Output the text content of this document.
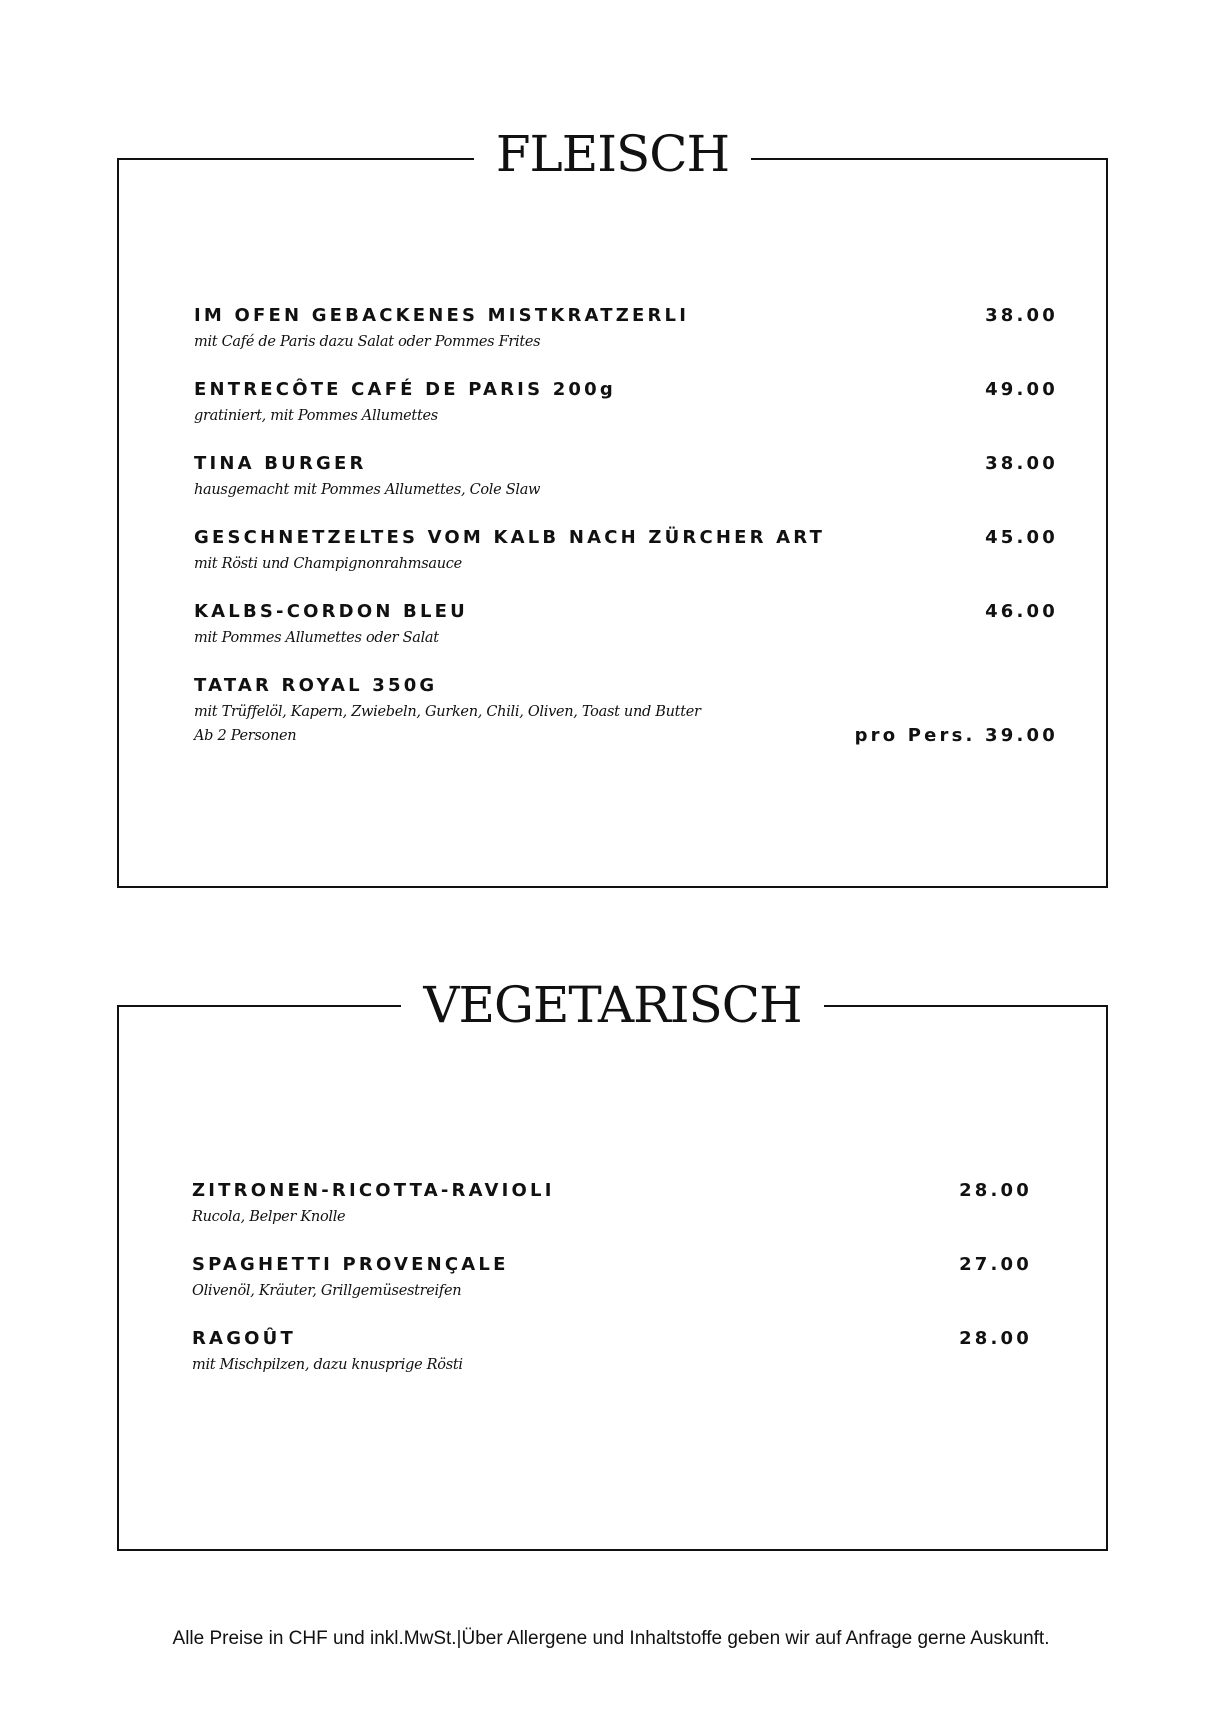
FLEISCH
IM OFEN GEBACKENES MISTKRATZERLI
mit Café de Paris dazu Salat oder Pommes Frites
38.00
ENTRECÔTE CAFÉ DE PARIS 200g
gratiniert, mit Pommes Allumettes
49.00
TINA BURGER
hausgemacht mit Pommes Allumettes, Cole Slaw
38.00
GESCHNETZELTES VOM KALB NACH ZÜRCHER ART
mit Rösti und Champignonrahmsauce
45.00
KALBS-CORDON BLEU
mit Pommes Allumettes oder Salat
46.00
TATAR ROYAL 350G
mit Trüffelöl, Kapern, Zwiebeln, Gurken, Chili, Oliven, Toast und Butter
Ab 2 Personen	pro Pers. 39.00
VEGETARISCH
ZITRONEN-RICOTTA-RAVIOLI
Rucola, Belper Knolle
28.00
SPAGHETTI PROVENÇALE
Olivenöl, Kräuter, Grillgemüsestreifen
27.00
RAGOÛT
mit Mischpilzen, dazu knusprige Rösti
28.00
Alle Preise in CHF und inkl.MwSt.|Über Allergene und Inhaltstoffe geben wir auf Anfrage gerne Auskunft.
